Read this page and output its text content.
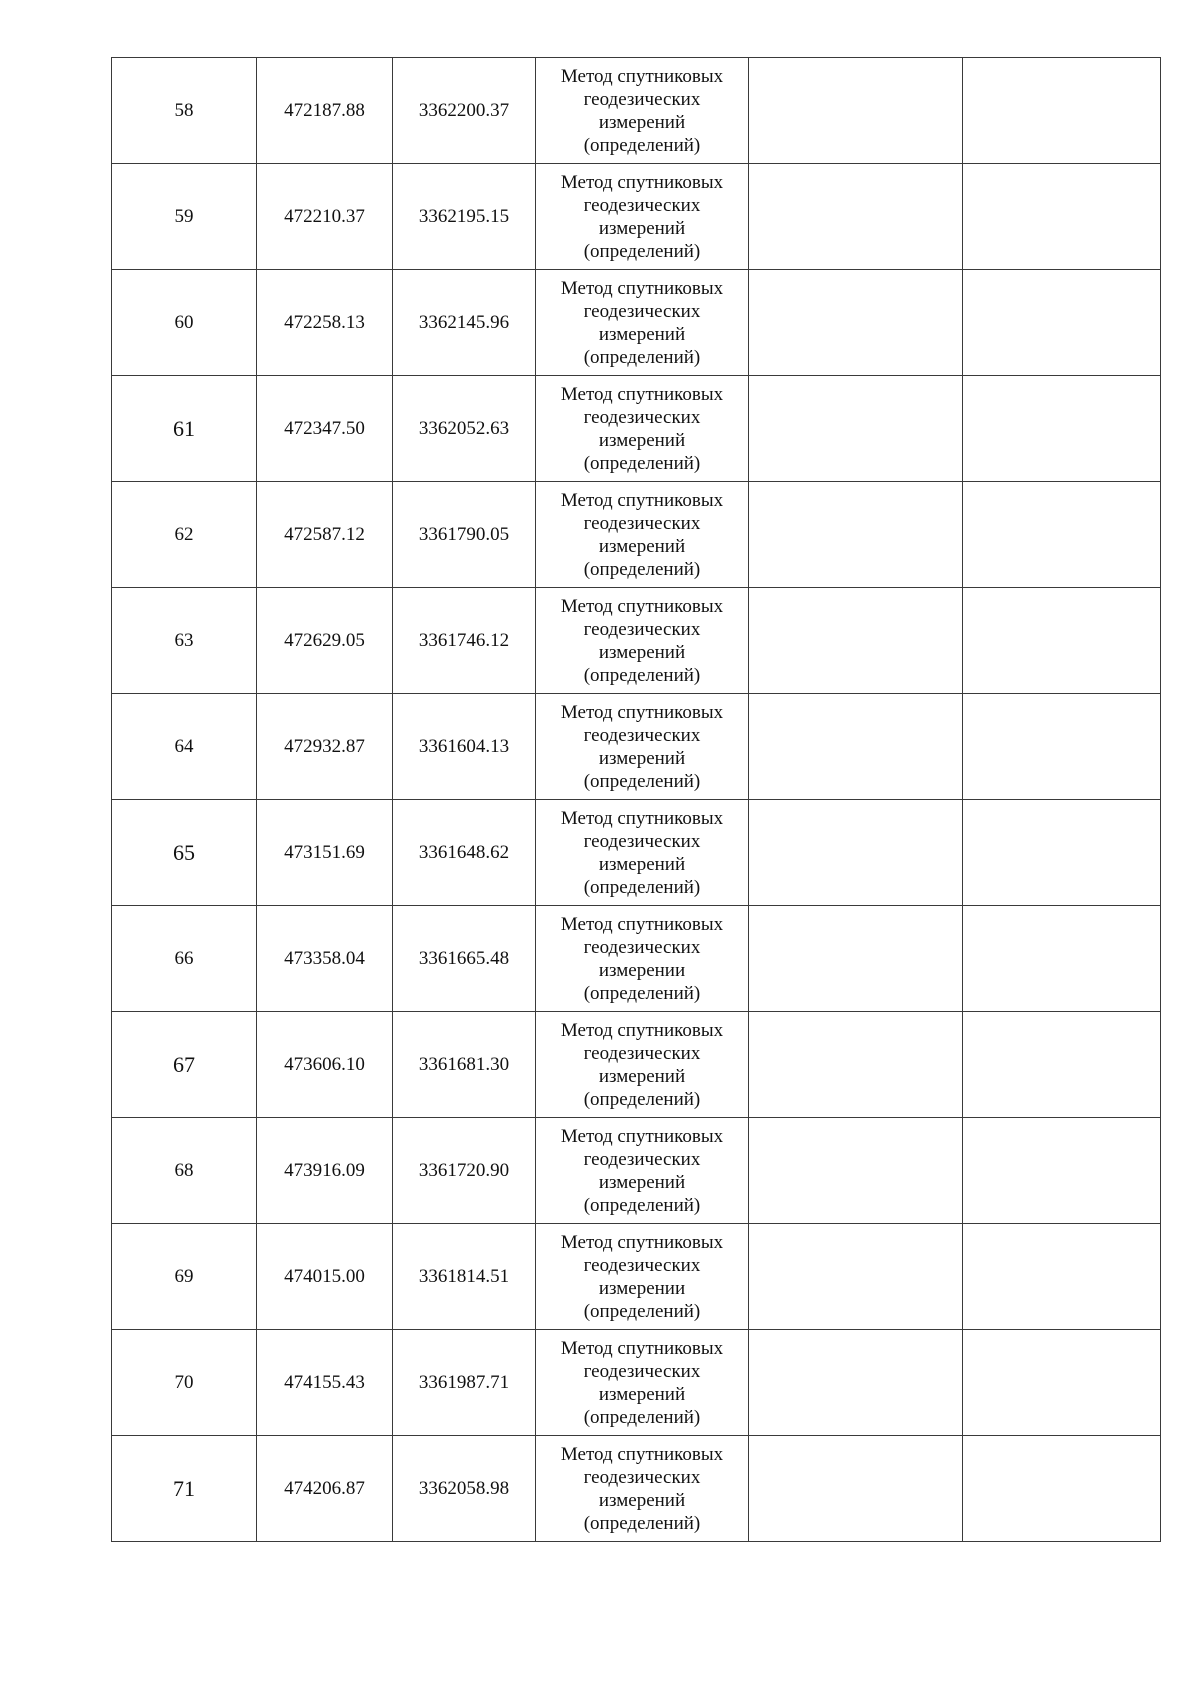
58	472187.88	3362200.37	Метод спутниковых геодезических измерений (определений)		
59	472210.37	3362195.15	Метод спутниковых геодезических измерений (определений)		
60	472258.13	3362145.96	Метод спутниковых геодезических измерений (определений)		
61	472347.50	3362052.63	Метод спутниковых геодезических измерений (определений)		
62	472587.12	3361790.05	Метод спутниковых геодезических измерений (определений)		
63	472629.05	3361746.12	Метод спутниковых геодезических измерений (определений)		
64	472932.87	3361604.13	Метод спутниковых геодезических измерений (определений)		
65	473151.69	3361648.62	Метод спутниковых геодезических измерений (определений)		
66	473358.04	3361665.48	Метод спутниковых геодезических измерении (определений)		
67	473606.10	3361681.30	Метод спутниковых геодезических измерений (определений)		
68	473916.09	3361720.90	Метод спутниковых геодезических измерений (определений)		
69	474015.00	3361814.51	Метод спутниковых геодезических измерении (определений)		
70	474155.43	3361987.71	Метод спутниковых геодезических измерений (определений)		
71	474206.87	3362058.98	Метод спутниковых геодезических измерений (определений)		
